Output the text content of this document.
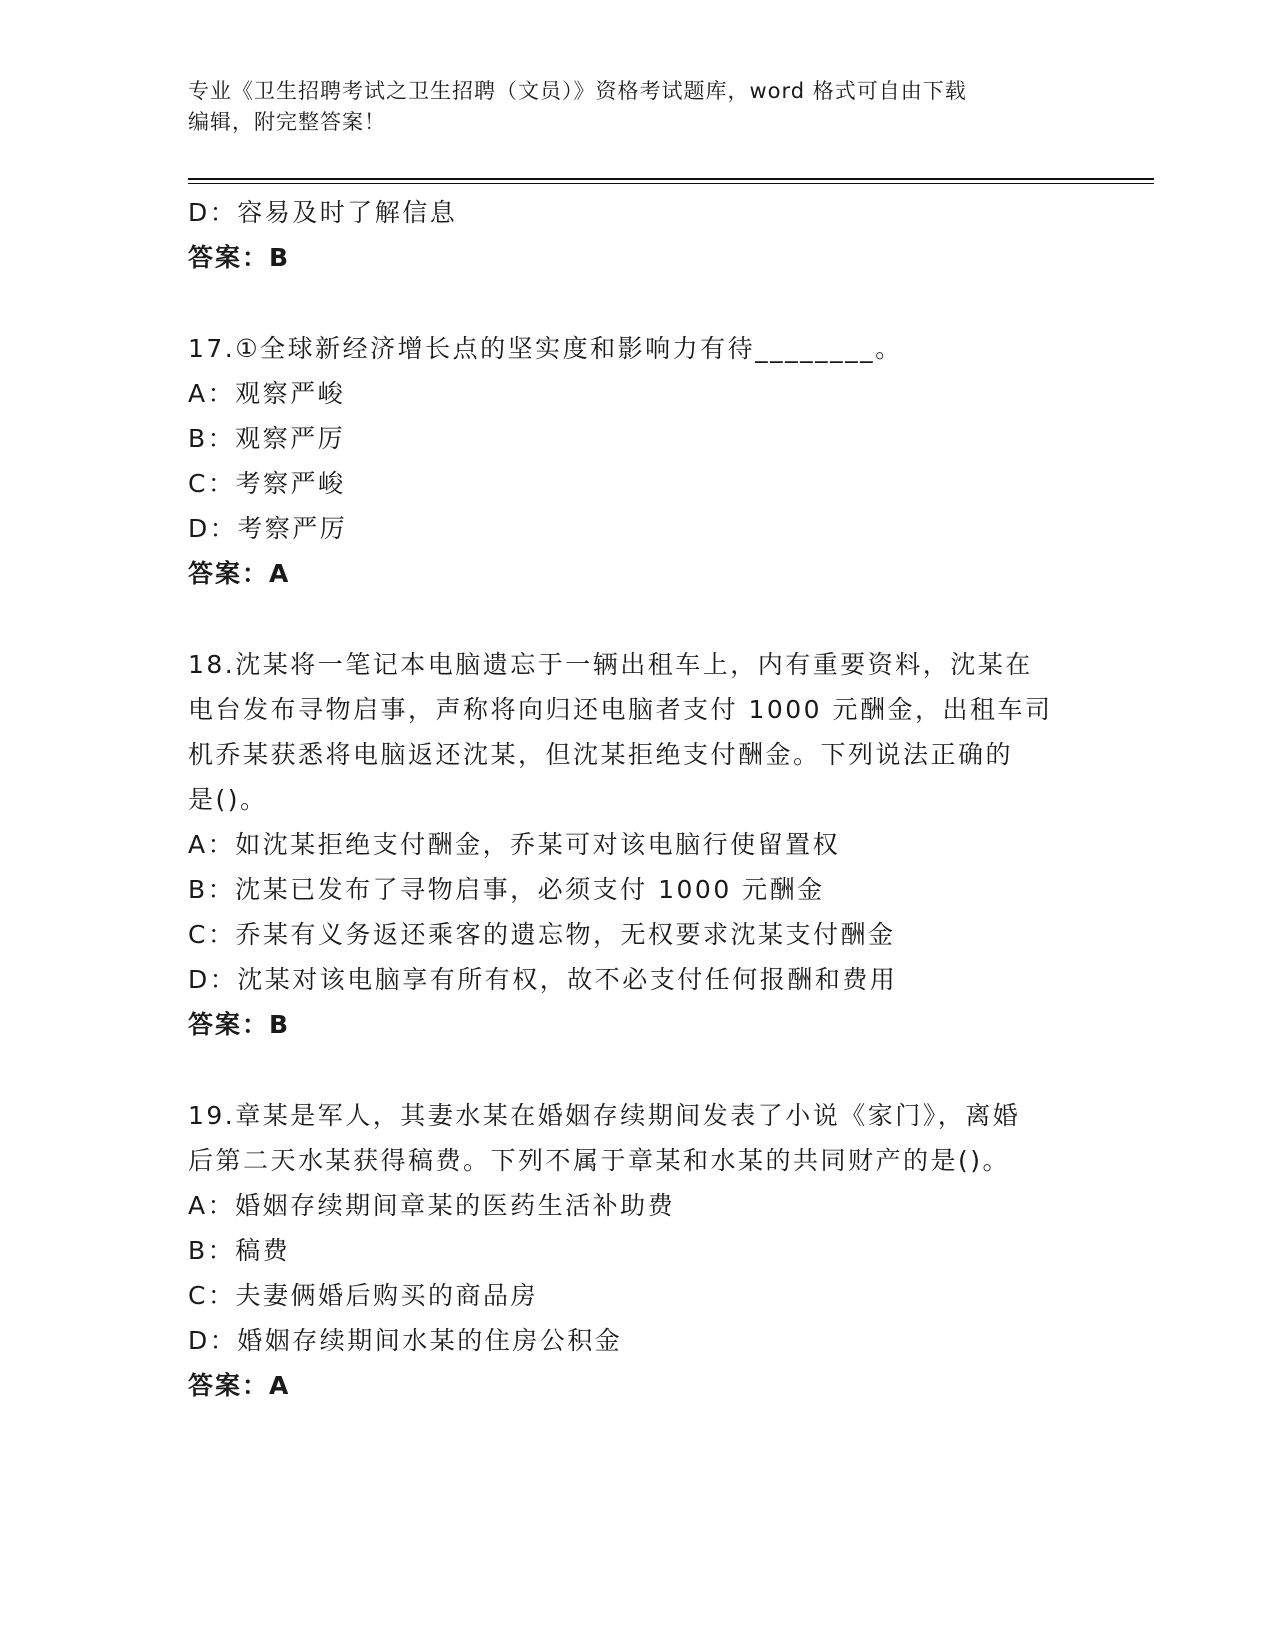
专业《卫生招聘考试之卫生招聘（文员）》资格考试题库，word 格式可自由下载
编辑，附完整答案！
D：容易及时了解信息
答案：B
17.①全球新经济增长点的坚实度和影响力有待________。
A：观察严峻
B：观察严厉
C：考察严峻
D：考察严厉
答案：A
18.沈某将一笔记本电脑遗忘于一辆出租车上，内有重要资料，沈某在
电台发布寻物启事，声称将向归还电脑者支付 1000 元酬金，出租车司
机乔某获悉将电脑返还沈某，但沈某拒绝支付酬金。下列说法正确的
是()。
A：如沈某拒绝支付酬金，乔某可对该电脑行使留置权
B：沈某已发布了寻物启事，必须支付 1000 元酬金
C：乔某有义务返还乘客的遗忘物，无权要求沈某支付酬金
D：沈某对该电脑享有所有权，故不必支付任何报酬和费用
答案：B
19.章某是军人，其妻水某在婚姻存续期间发表了小说《家门》，离婚
后第二天水某获得稿费。下列不属于章某和水某的共同财产的是()。
A：婚姻存续期间章某的医药生活补助费
B：稿费
C：夫妻俩婚后购买的商品房
D：婚姻存续期间水某的住房公积金
答案：A
